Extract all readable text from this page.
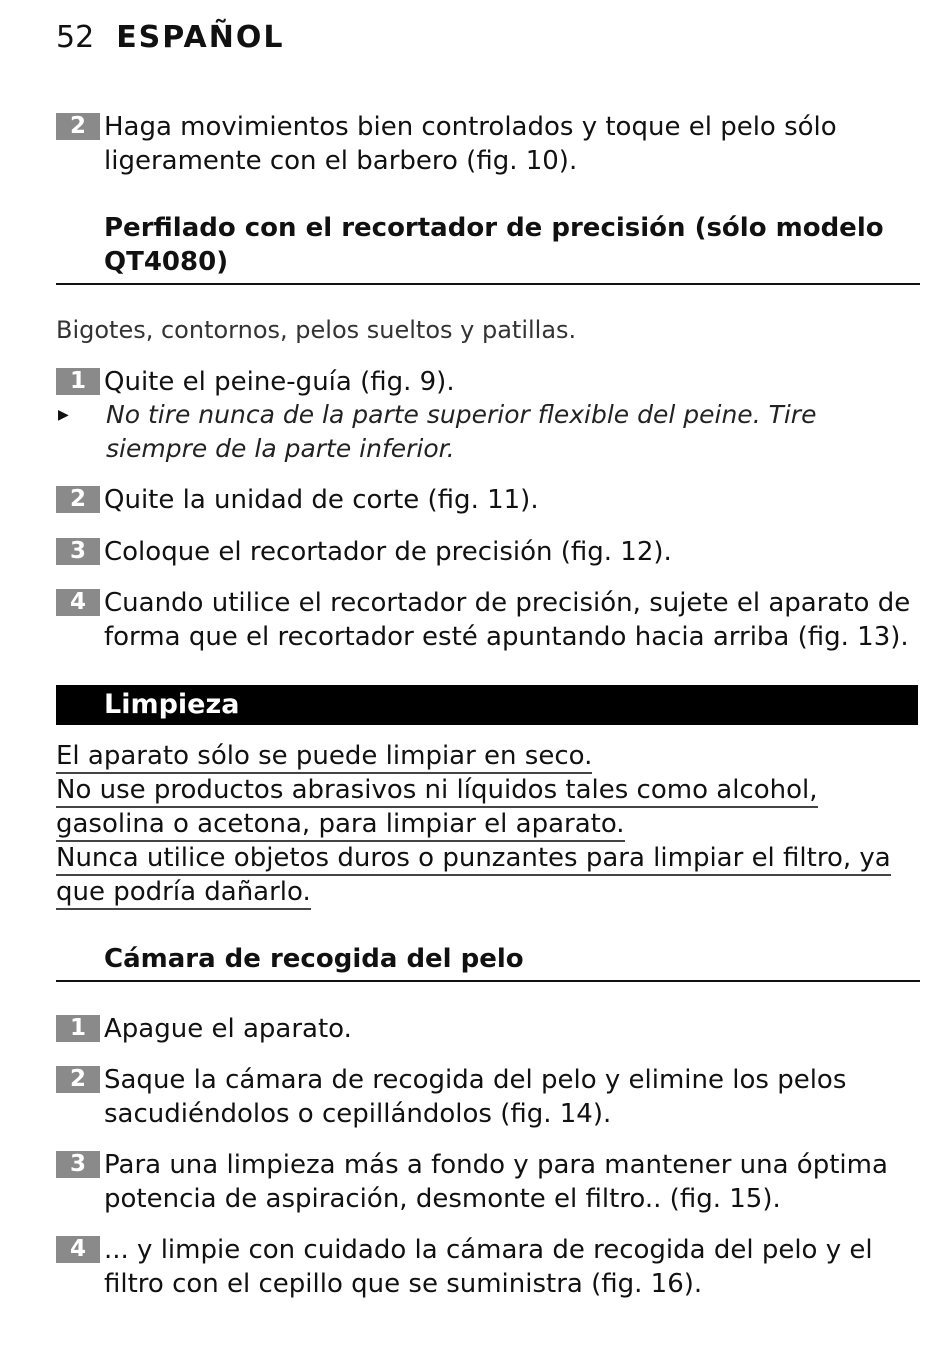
52 ESPAÑOL
2 Haga movimientos bien controlados y toque el pelo sólo ligeramente con el barbero (fig. 10).
Perfilado con el recortador de precisión (sólo modelo QT4080)
Bigotes, contornos, pelos sueltos y patillas.
1 Quite el peine-guía (fig. 9).
▶	No tire nunca de la parte superior flexible del peine. Tire siempre de la parte inferior.
2 Quite la unidad de corte (fig. 11).
3 Coloque el recortador de precisión (fig. 12).
4 Cuando utilice el recortador de precisión, sujete el aparato de forma que el recortador esté apuntando hacia arriba (fig. 13).
Limpieza
El aparato sólo se puede limpiar en seco.
No use productos abrasivos ni líquidos tales como alcohol, gasolina o acetona, para limpiar el aparato.
Nunca utilice objetos duros o punzantes para limpiar el filtro, ya que podría dañarlo.
Cámara de recogida del pelo
1 Apague el aparato.
2 Saque la cámara de recogida del pelo y elimine los pelos sacudiéndolos o cepillándolos (fig. 14).
3 Para una limpieza más a fondo y para mantener una óptima potencia de aspiración, desmonte el filtro.. (fig. 15).
4 ... y limpie con cuidado la cámara de recogida del pelo y el filtro con el cepillo que se suministra (fig. 16).
